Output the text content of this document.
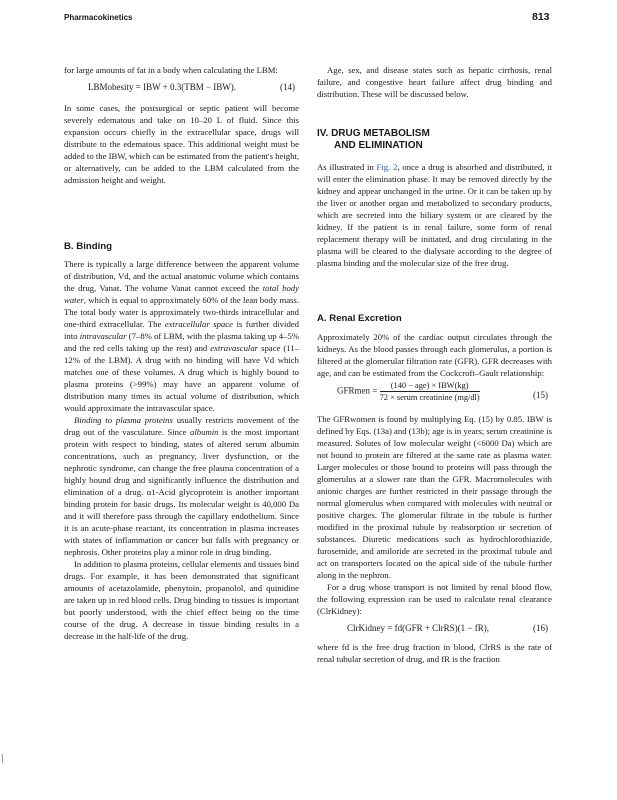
Pharmacokinetics	813

for large amounts of fat in a body when calculating the LBM:

LBMobesity = IBW + 0.3(TBM − IBW).	(14)

In some cases, the postsurgical or septic patient will become severely edematous and take on 10–20 L of fluid. Since this expansion occurs chiefly in the extracellular space, drugs will distribute to the edematous space. This additional weight must be added to the IBW, which can be estimated from the patient's height, or alternatively, can be added to the LBM calculated from the admission height and weight.

B. Binding

There is typically a large difference between the apparent volume of distribution, Vd, and the actual anatomic volume which contains the drug, Vanat. The volume Vanat cannot exceed the total body water, which is equal to approximately 60% of the lean body mass. The total body water is approximately two-thirds intracellular and one-third extracellular. The extracellular space is further divided into intravascular (7–8% of LBM, with the plasma taking up 4–5% and the red cells taking up the rest) and extravascular space (11–12% of the LBM). A drug with no binding will have Vd which matches one of these volumes. A drug which is highly bound to plasma proteins (>99%) may have an apparent volume of distribution many times its actual volume of distribution, which would approximate the intravascular space.

Binding to plasma proteins usually restricts movement of the drug out of the vasculature. Since albumin is the most important protein with respect to binding, states of altered serum albumin concentrations, such as pregnancy, liver dysfunction, or the nephrotic syndrome, can change the free plasma concentration of a highly bound drug and significantly influence the distribution and elimination of a drug. α1-Acid glycoprotein is another important binding protein for basic drugs. Its molecular weight is 40,000 Da and it will therefore pass through the capillary endothelium. Since it is an acute-phase reactant, its concentration in plasma increases with states of inflammation or cancer but falls with pregnancy or nephrosis. Other proteins play a minor role in drug binding.

In addition to plasma proteins, cellular elements and tissues bind drugs. For example, it has been demonstrated that significant amounts of acetazolamide, phenytoin, propanolol, and quinidine are taken up in red blood cells. Drug binding to tissues is important but poorly understood, with the chief effect being on the time course of the drug. A decrease in tissue binding results in a decrease in the half-life of the drug.

Age, sex, and disease states such as hepatic cirrhosis, renal failure, and congestive heart failure affect drug binding and distribution. These will be discussed below.

IV. DRUG METABOLISM
AND ELIMINATION

As illustrated in Fig. 2, once a drug is absorbed and distributed, it will enter the elimination phase. It may be removed directly by the kidney and appear unchanged in the urine. Or it can be taken up by the liver or another organ and metabolized to secondary products, which are secreted into the biliary system or are cleared by the kidney. If the patient is in renal failure, some form of renal replacement therapy will be initiated, and drug circulating in the plasma will be cleared to the dialysate according to the degree of plasma binding and the molecular size of the free drug.

A. Renal Excretion

Approximately 20% of the cardiac output circulates through the kidneys. As the blood passes through each glomerulus, a portion is filtered at the glomerular filtration rate (GFR). GFR decreases with age, and can be estimated from the Cockcroft–Gault relationship:

GFRmen = $\frac{\text{(140 − age) × IBW(kg)}}{\text{72 × serum creatinine (mg/dl)}}$	(15)

The GFRwomen is found by multiplying Eq. (15) by 0.85. IBW is defined by Eqs. (13a) and (13b); age is in years; serum creatinine is measured. Solutes of low molecular weight (<6000 Da) which are not bound to protein are filtered at the same rate as plasma water. Larger molecules or those bound to proteins will pass through the glomerulus at a slower rate than the GFR. Macromolecules with anionic charges are further restricted in their passage through the normal glomerulus when compared with molecules with neutral or positive charges. The glomerular filtrate in the tubule is further modified in the proximal tubule by reabsorption or secretion of substances. Diuretic medications such as hydrochlorothiazide, furosemide, and amiloride are secreted in the proximal tubule and act on transporters located on the apical side of the tubule further along in the nephron.

For a drug whose transport is not limited by renal blood flow, the following expression can be used to calculate renal clearance (ClrKidney):

ClrKidney = fd(GFR + ClrRS)(1 − fR),	(16)

where fd is the free drug fraction in blood, ClrRS is the rate of renal tubular secretion of drug, and fR is the fraction
